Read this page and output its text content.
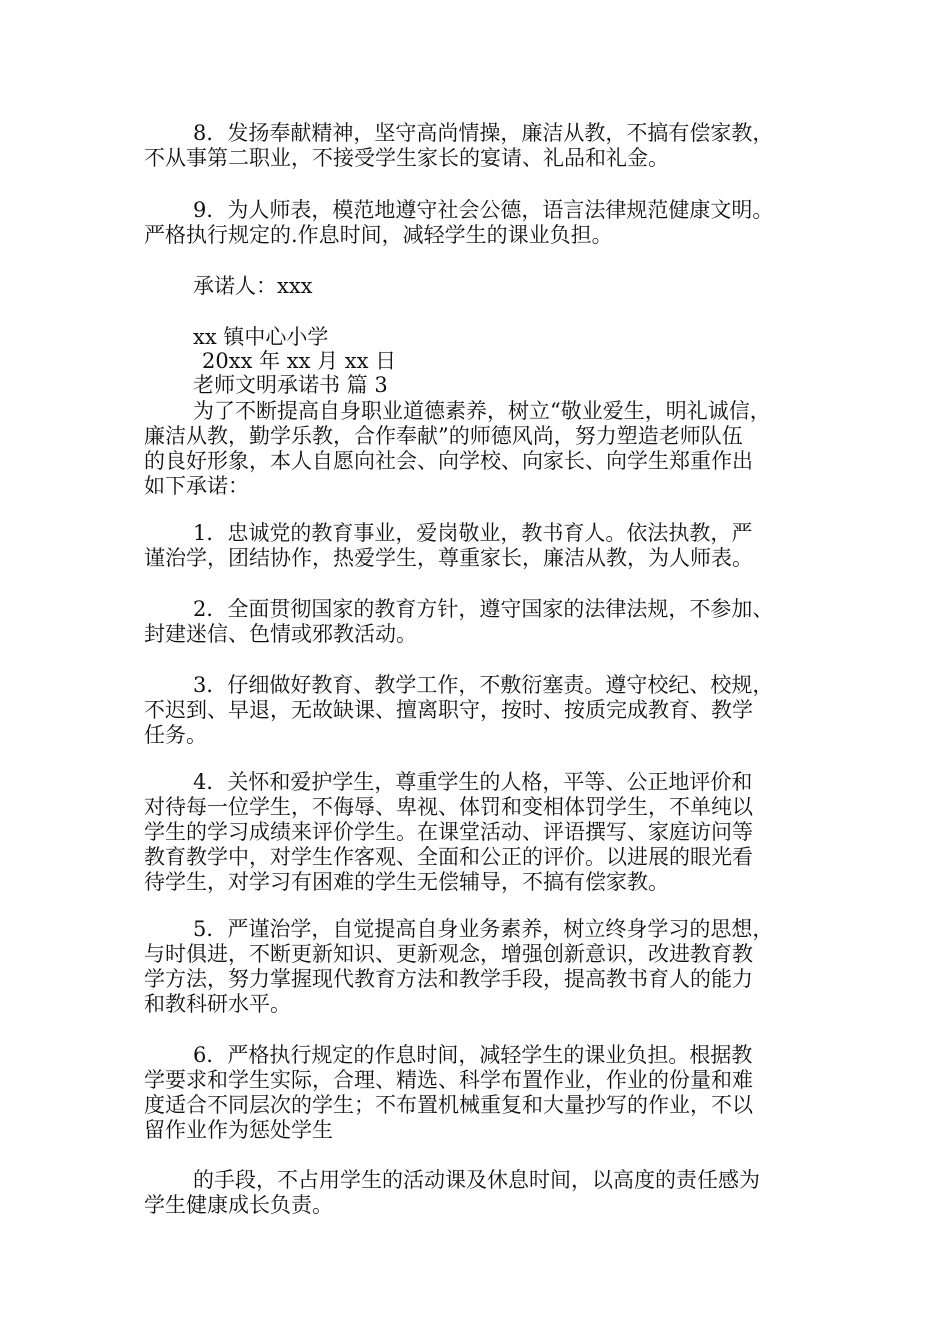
8．发扬奉献精神，坚守高尚情操，廉洁从教，不搞有偿家教，
不从事第二职业，不接受学生家长的宴请、礼品和礼金。
9．为人师表，模范地遵守社会公德，语言法律规范健康文明。
严格执行规定的.作息时间，减轻学生的课业负担。
承诺人：xxx
xx 镇中心小学
20xx 年 xx 月 xx 日
老师文明承诺书 篇 3
为了不断提高自身职业道德素养，树立“敬业爱生，明礼诚信，
廉洁从教，勤学乐教，合作奉献”的师德风尚，努力塑造老师队伍
的良好形象，本人自愿向社会、向学校、向家长、向学生郑重作出
如下承诺：
1．忠诚党的教育事业，爱岗敬业，教书育人。依法执教，严
谨治学，团结协作，热爱学生，尊重家长，廉洁从教，为人师表。
2．全面贯彻国家的教育方针，遵守国家的法律法规，不参加、
封建迷信、色情或邪教活动。
3．仔细做好教育、教学工作，不敷衍塞责。遵守校纪、校规，
不迟到、早退，无故缺课、擅离职守，按时、按质完成教育、教学
任务。
4．关怀和爱护学生，尊重学生的人格，平等、公正地评价和
对待每一位学生，不侮辱、卑视、体罚和变相体罚学生，不单纯以
学生的学习成绩来评价学生。在课堂活动、评语撰写、家庭访问等
教育教学中，对学生作客观、全面和公正的评价。以进展的眼光看
待学生，对学习有困难的学生无偿辅导，不搞有偿家教。
5．严谨治学，自觉提高自身业务素养，树立终身学习的思想，
与时俱进，不断更新知识、更新观念，增强创新意识，改进教育教
学方法，努力掌握现代教育方法和教学手段，提高教书育人的能力
和教科研水平。
6．严格执行规定的作息时间，减轻学生的课业负担。根据教
学要求和学生实际，合理、精选、科学布置作业，作业的份量和难
度适合不同层次的学生；不布置机械重复和大量抄写的作业，不以
留作业作为惩处学生
的手段，不占用学生的活动课及休息时间，以高度的责任感为
学生健康成长负责。
